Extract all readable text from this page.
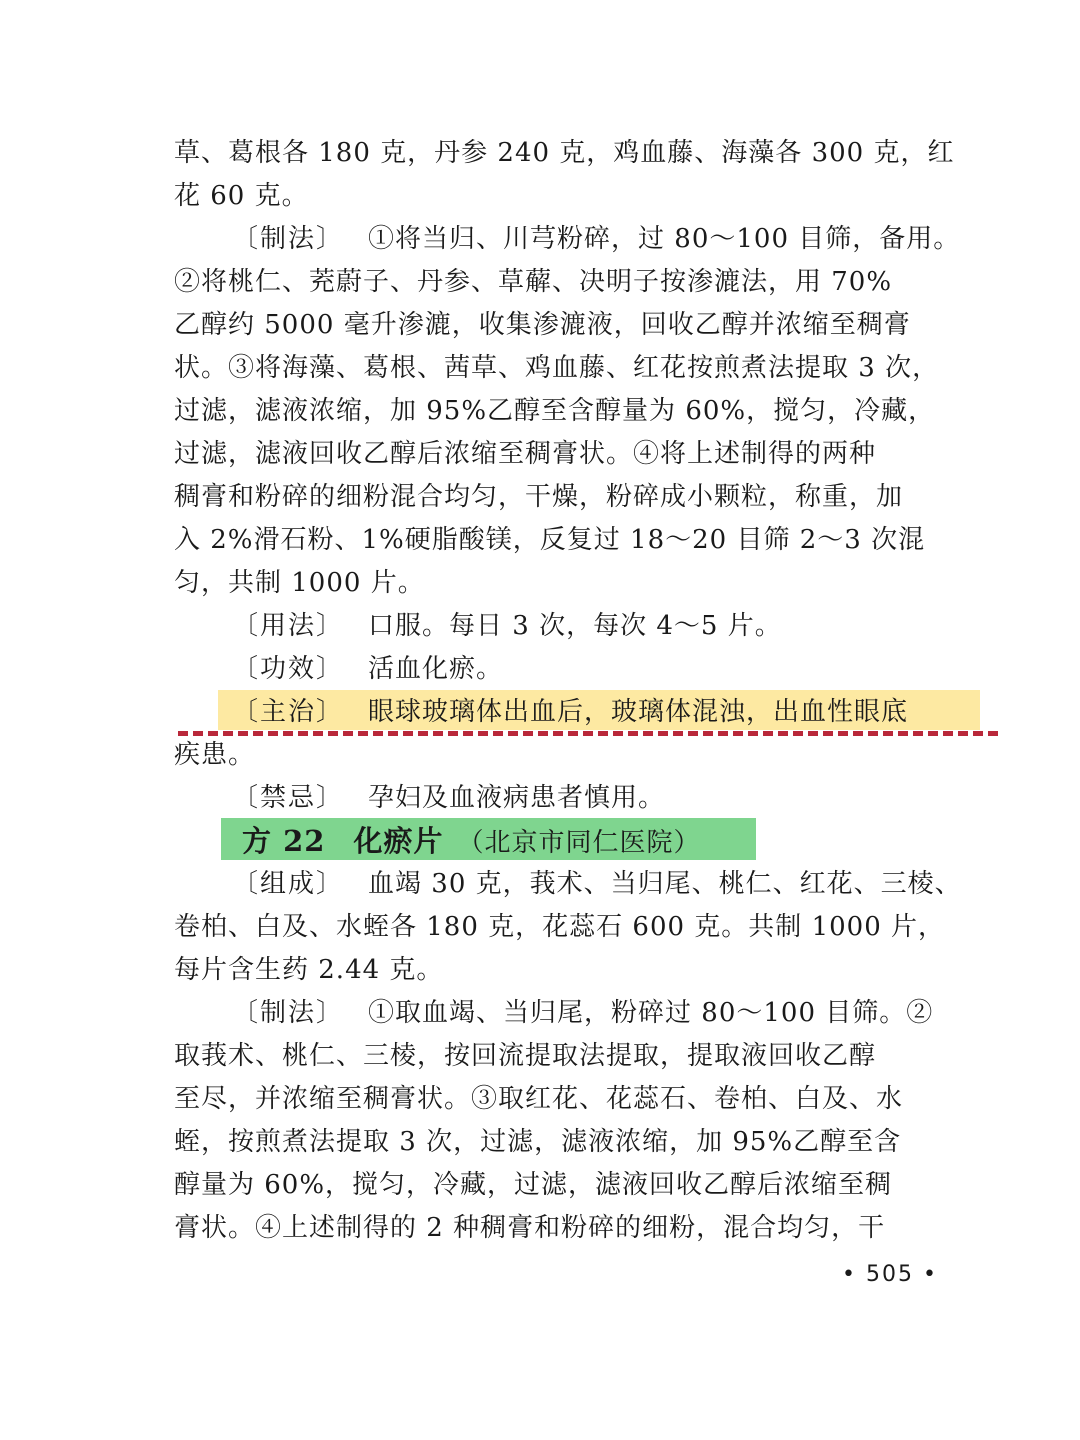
草、葛根各 180 克，丹参 240 克，鸡血藤、海藻各 300 克，红
花 60 克。
〔制法〕 ①将当归、川芎粉碎，过 80～100 目筛，备用。
②将桃仁、茺蔚子、丹参、草薢、决明子按渗漉法，用 70%
乙醇约 5000 毫升渗漉，收集渗漉液，回收乙醇并浓缩至稠膏
状。③将海藻、葛根、茜草、鸡血藤、红花按煎煮法提取 3 次，
过滤，滤液浓缩，加 95%乙醇至含醇量为 60%，搅匀，冷藏，
过滤，滤液回收乙醇后浓缩至稠膏状。④将上述制得的两种
稠膏和粉碎的细粉混合均匀，干燥，粉碎成小颗粒，称重，加
入 2%滑石粉、1%硬脂酸镁，反复过 18～20 目筛 2～3 次混
匀，共制 1000 片。
〔用法〕 口服。每日 3 次，每次 4～5 片。
〔功效〕 活血化瘀。
〔主治〕 眼球玻璃体出血后，玻璃体混浊，出血性眼底
疾患。
〔禁忌〕 孕妇及血液病患者慎用。
方 22 化瘀片 （北京市同仁医院）
〔组成〕 血竭 30 克，莪术、当归尾、桃仁、红花、三棱、
卷柏、白及、水蛭各 180 克，花蕊石 600 克。共制 1000 片，
每片含生药 2.44 克。
〔制法〕 ①取血竭、当归尾，粉碎过 80～100 目筛。②
取莪术、桃仁、三棱，按回流提取法提取，提取液回收乙醇
至尽，并浓缩至稠膏状。③取红花、花蕊石、卷柏、白及、水
蛭，按煎煮法提取 3 次，过滤，滤液浓缩，加 95%乙醇至含
醇量为 60%，搅匀，冷藏，过滤，滤液回收乙醇后浓缩至稠
膏状。④上述制得的 2 种稠膏和粉碎的细粉，混合均匀，干
• 505 •
